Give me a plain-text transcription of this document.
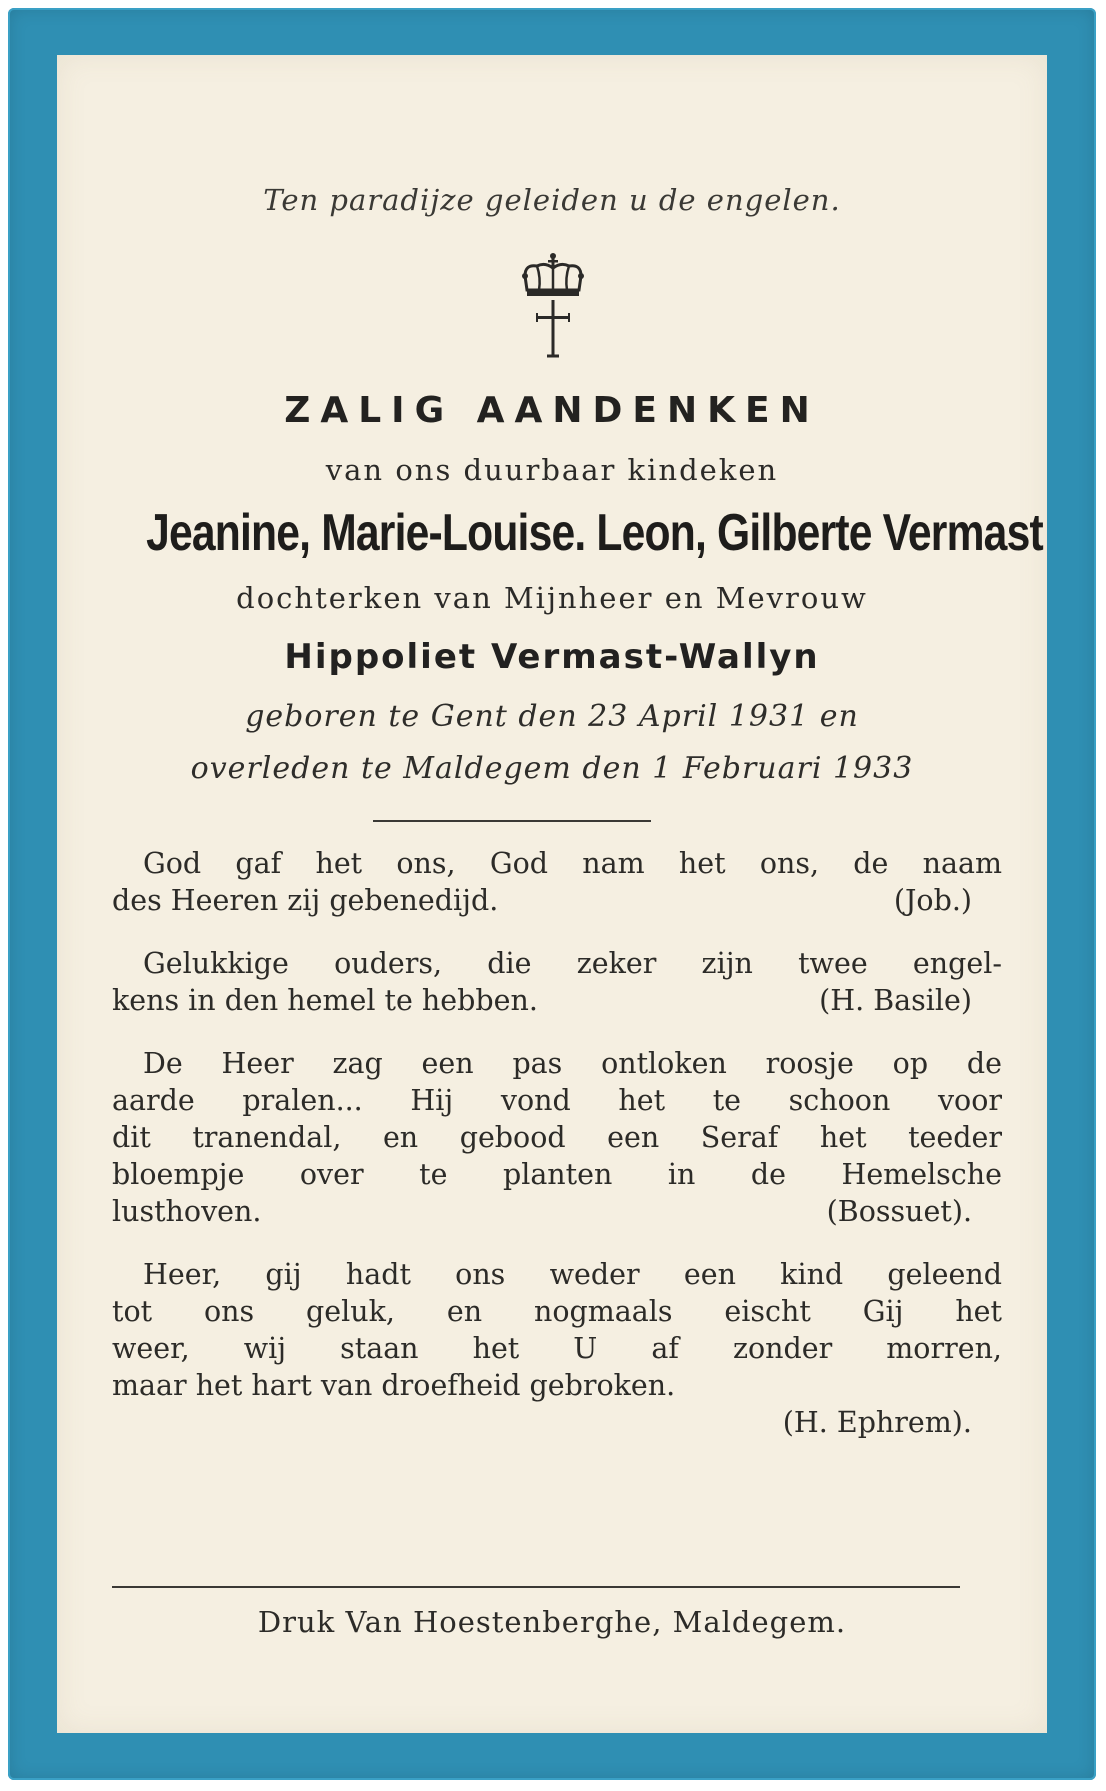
Ten paradijze geleiden u de engelen.
ZALIG AANDENKEN
van ons duurbaar kindeken
Jeanine, Marie-Louise. Leon, Gilberte Vermast
dochterken van Mijnheer en Mevrouw
Hippoliet Vermast-Wallyn
geboren te Gent den 23 April 1931 en
overleden te Maldegem den 1 Februari 1933
God gaf het ons, God nam het ons, de naam
des Heeren zij gebenedijd.	(Job.)
Gelukkige ouders, die zeker zijn twee engel-
kens in den hemel te hebben.	(H. Basile)
De Heer zag een pas ontloken roosje op de
aarde pralen... Hij vond het te schoon voor
dit tranendal, en gebood een Seraf het teeder
bloempje over te planten in de Hemelsche
lusthoven.	(Bossuet).
Heer, gij hadt ons weder een kind geleend
tot ons geluk, en nogmaals eischt Gij het
weer, wij staan het U af zonder morren,
maar het hart van droefheid gebroken.
(H. Ephrem).
Druk Van Hoestenberghe, Maldegem.
